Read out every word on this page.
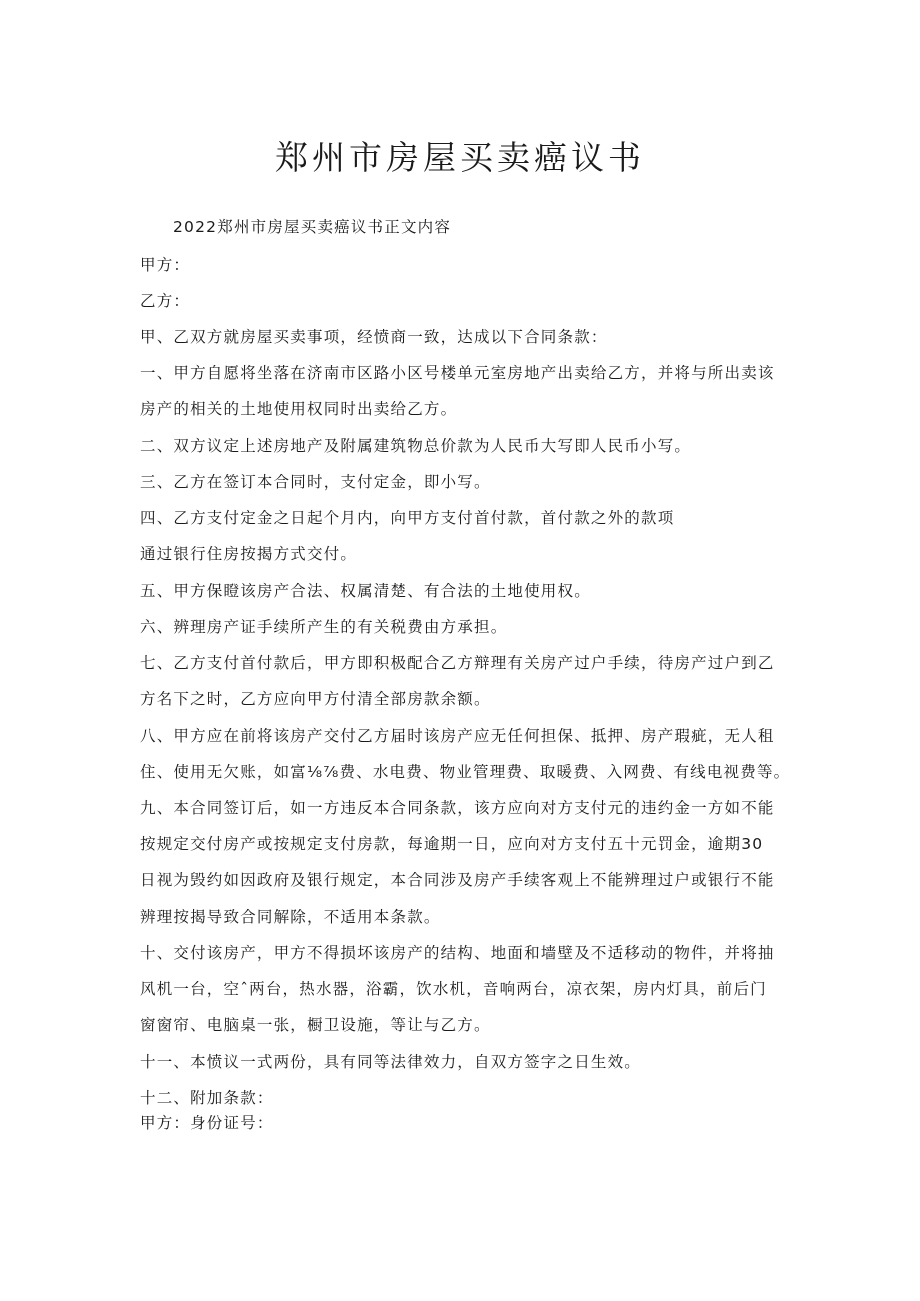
郑州市房屋买卖癌议书
2022郑州市房屋买卖癌议书正文内容
甲方：
乙方：
甲、乙双方就房屋买卖事项，经愤商一致，达成以下合同条款：
一、甲方自愿将坐落在济南市区路小区号楼单元室房地产出卖给乙方，并将与所出卖该
房产的相关的土地使用权同时出卖给乙方。
二、双方议定上述房地产及附属建筑物总价款为人民币大写即人民币小写。
三、乙方在签订本合同时，支付定金，即小写。
四、乙方支付定金之日起个月内，向甲方支付首付款，首付款之外的款项
通过银行住房按揭方式交付。
五、甲方保瞪该房产合法、权属清楚、有合法的土地使用权。
六、辨理房产证手续所产生的有关税费由方承担。
七、乙方支付首付款后，甲方即积极配合乙方辩理有关房产过户手续，待房产过户到乙
方名下之时，乙方应向甲方付清全部房款余额。
八、甲方应在前将该房产交付乙方届时该房产应无任何担保、抵押、房产瑕疵，无人租
住、使用无欠账，如富⅛⅞费、水电费、物业管理费、取暖费、入网费、有线电视费等。
九、本合同签订后，如一方违反本合同条款，该方应向对方支付元的违约金一方如不能
按规定交付房产或按规定支付房款，每逾期一日，应向对方支付五十元罚金，逾期30
日视为毁约如因政府及银行规定，本合同涉及房产手续客观上不能辨理过户或银行不能
辨理按揭导致合同解除，不适用本条款。
十、交付该房产，甲方不得损坏该房产的结构、地面和墙壁及不适移动的物件，并将抽
风机一台，空ˆ两台，热水器，浴霸，饮水机，音响两台，凉衣架，房内灯具，前后门
窗窗帘、电脑桌一张，橱卫设施，等让与乙方。
十一、本愤议一式两份，具有同等法律效力，自双方签字之日生效。
十二、附加条款：
甲方：身份证号：
